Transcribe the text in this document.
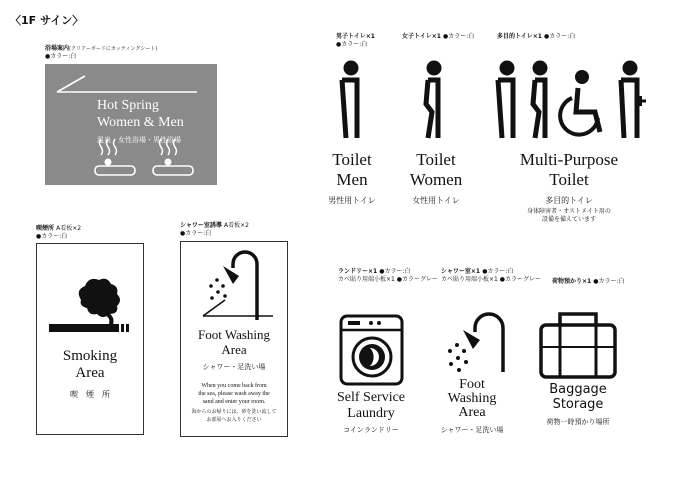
〈1F サイン〉
浴場案内(クリアーボードにカッティングシート)
●カラー:白
Hot Spring
Women & Men
温泉　女性浴場・男性浴場
男子トイレ×1
●カラー:白
女子トイレ×1 ●カラー:白	多目的トイレ×1 ●カラー:白
Toilet
Men
男性用トイレ
Toilet
Women
女性用トイレ
Multi-Purpose
Toilet
多目的トイレ
身体障害者・オストメイト用の
設備を備えています
喫煙所 A看板×2
●カラー:白
Smoking
Area
喫　煙　所
シャワー室誘導 A看板×2
●カラー:白
Foot Washing
Area
シャワー・足洗い場
When you come back from
the sea, please wash away the
sand and enter your room.
海からのお帰りには、砂を洗い流して
お部屋へお入りください
ランドリー×1 ●カラー:白
カベ貼り用端小板×1 ●カラーグレー
Self Service
Laundry
コインランドリー
シャワー室×1 ●カラー:白
カベ貼り用端小板×1 ●カラーグレー
Foot
Washing
Area
シャワー・足洗い場
荷物預かり×1 ●カラー:白
Baggage
Storage
荷物一時預かり場所
